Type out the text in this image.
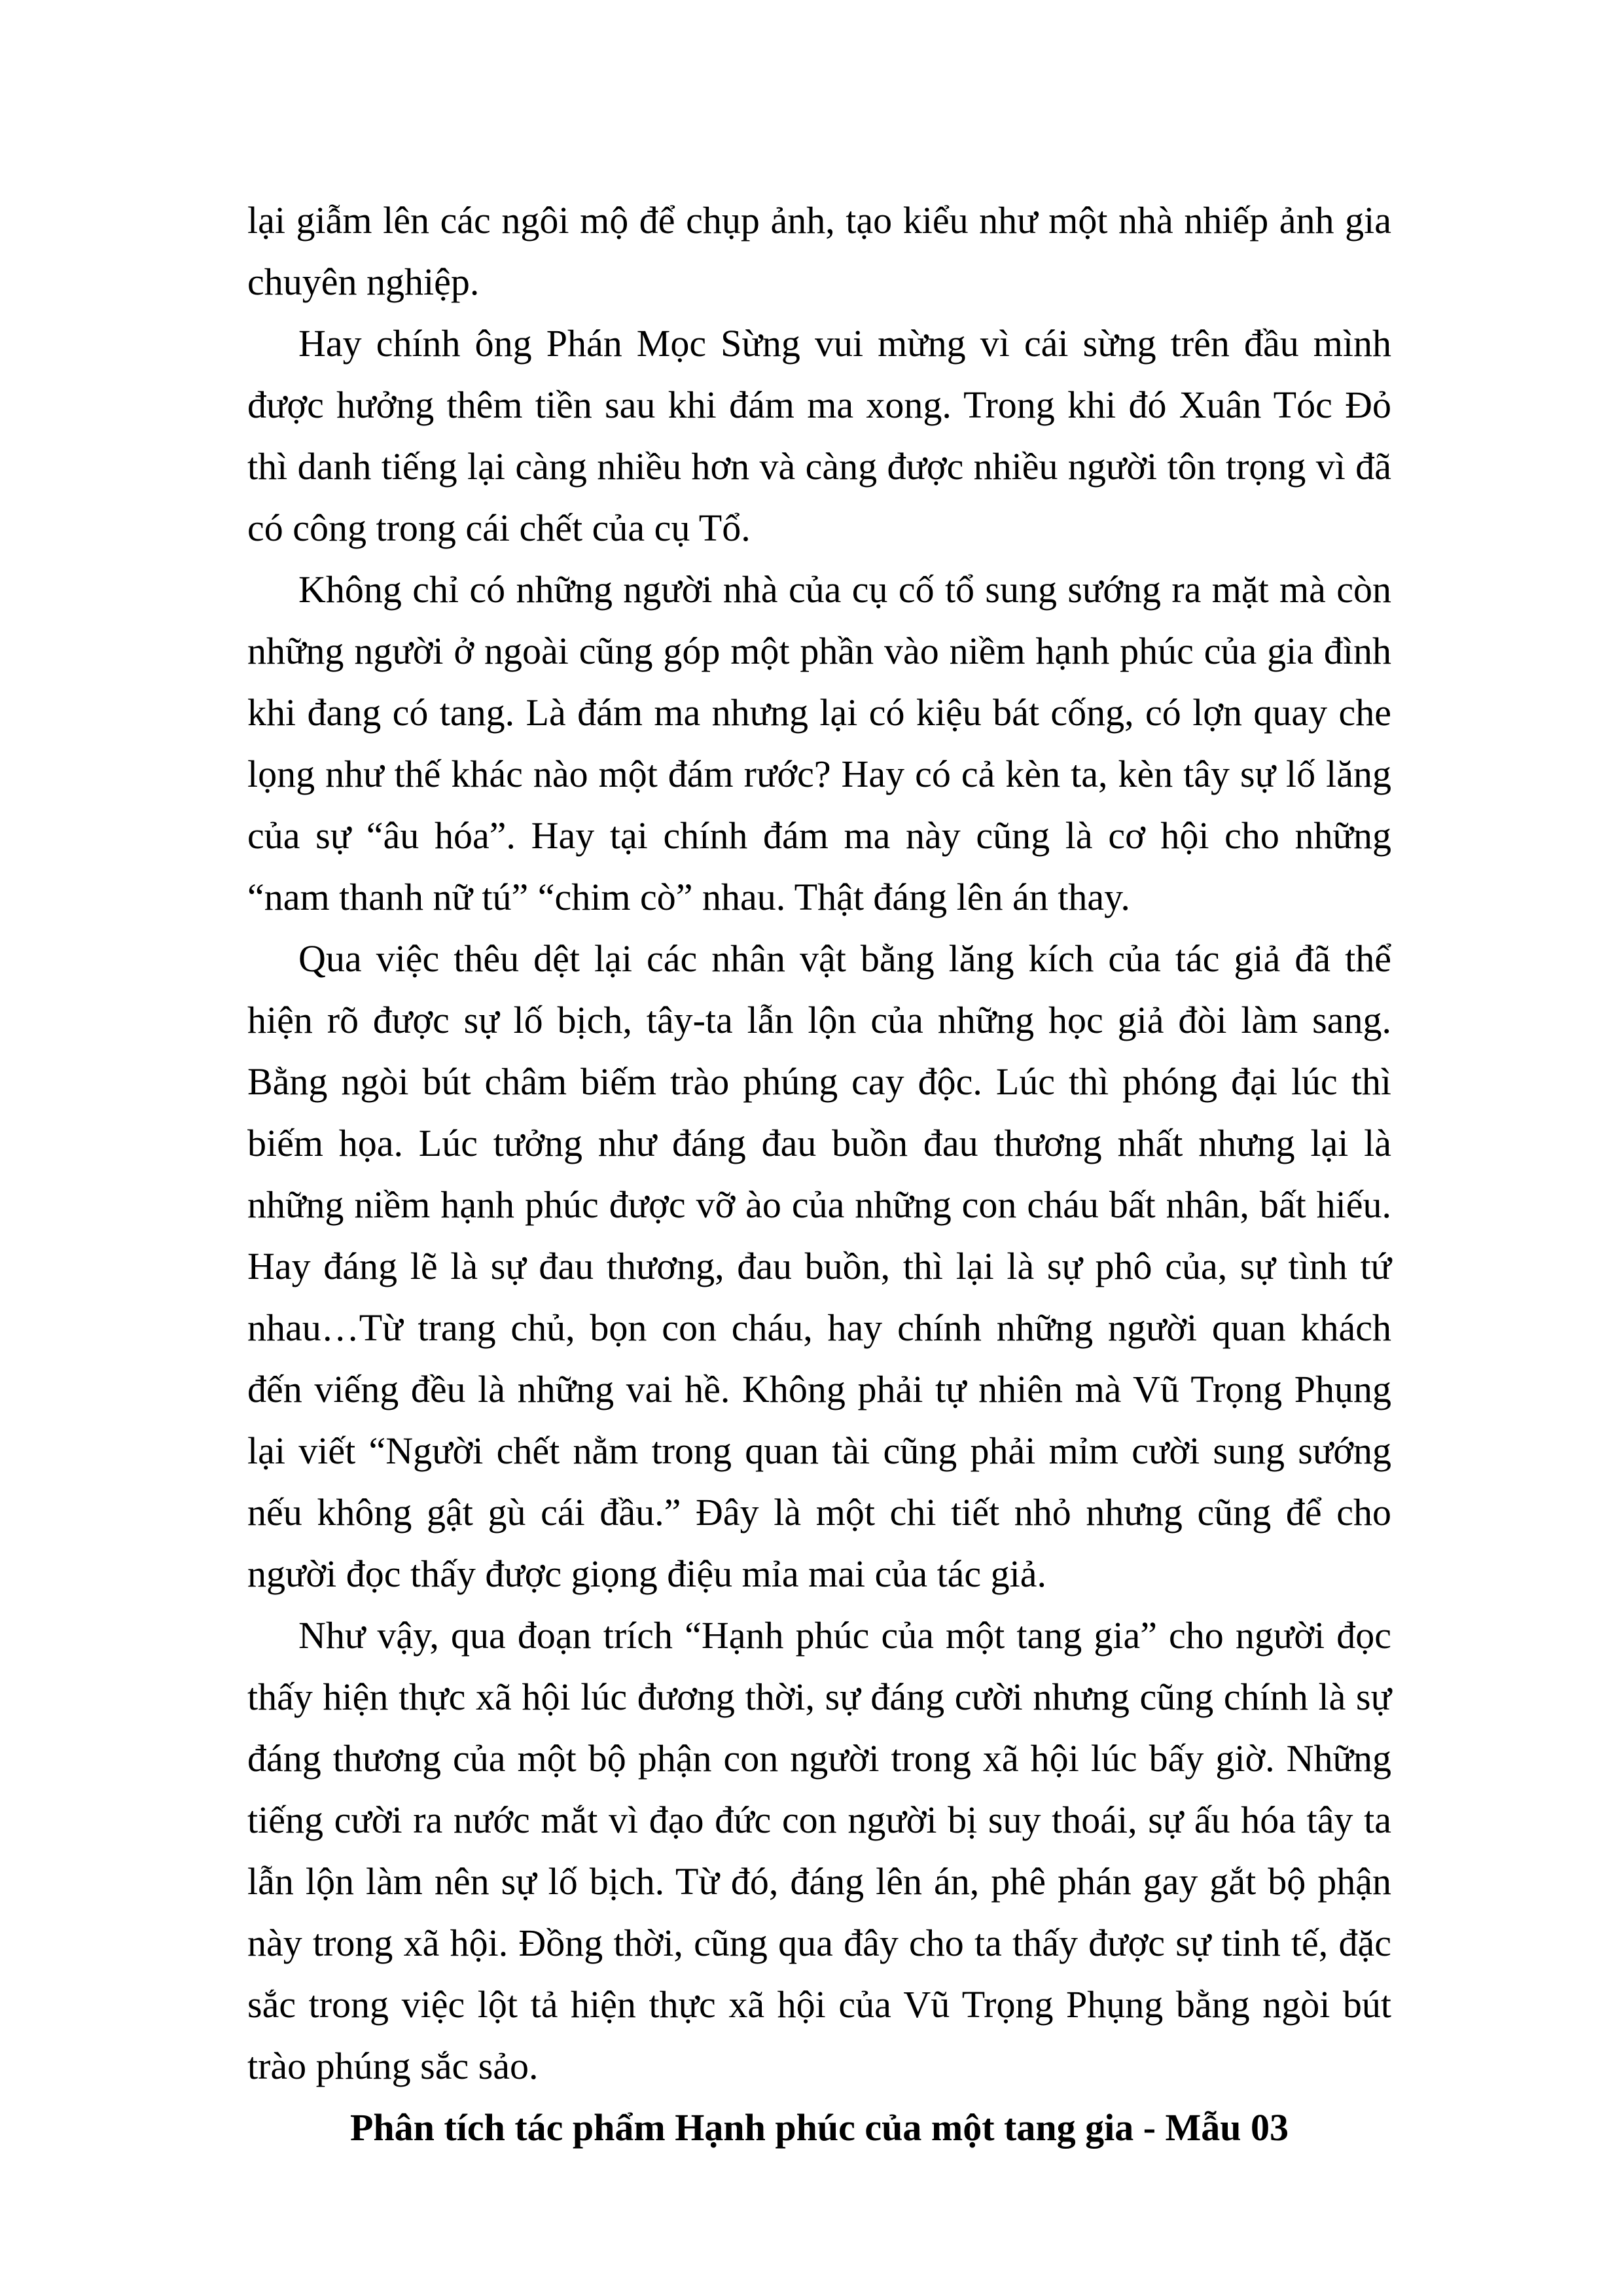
lại giẫm lên các ngôi mộ để chụp ảnh, tạo kiểu như một nhà nhiếp ảnh gia chuyên nghiệp.

Hay chính ông Phán Mọc Sừng vui mừng vì cái sừng trên đầu mình được hưởng thêm tiền sau khi đám ma xong. Trong khi đó Xuân Tóc Đỏ thì danh tiếng lại càng nhiều hơn và càng được nhiều người tôn trọng vì đã có công trong cái chết của cụ Tổ.

Không chỉ có những người nhà của cụ cố tổ sung sướng ra mặt mà còn những người ở ngoài cũng góp một phần vào niềm hạnh phúc của gia đình khi đang có tang. Là đám ma nhưng lại có kiệu bát cống, có lợn quay che lọng như thế khác nào một đám rước? Hay có cả kèn ta, kèn tây sự lố lăng của sự “âu hóa”. Hay tại chính đám ma này cũng là cơ hội cho những “nam thanh nữ tú” “chim cò” nhau. Thật đáng lên án thay.

Qua việc thêu dệt lại các nhân vật bằng lăng kích của tác giả đã thể hiện rõ được sự lố bịch, tây-ta lẫn lộn của những học giả đòi làm sang. Bằng ngòi bút châm biếm trào phúng cay độc. Lúc thì phóng đại lúc thì biếm họa. Lúc tưởng như đáng đau buồn đau thương nhất nhưng lại là những niềm hạnh phúc được vỡ ào của những con cháu bất nhân, bất hiếu. Hay đáng lẽ là sự đau thương, đau buồn, thì lại là sự phô của, sự tình tứ nhau…Từ trang chủ, bọn con cháu, hay chính những người quan khách đến viếng đều là những vai hề. Không phải tự nhiên mà Vũ Trọng Phụng lại viết “Người chết nằm trong quan tài cũng phải mỉm cười sung sướng nếu không gật gù cái đầu.” Đây là một chi tiết nhỏ nhưng cũng để cho người đọc thấy được giọng điệu mỉa mai của tác giả.

Như vậy, qua đoạn trích “Hạnh phúc của một tang gia” cho người đọc thấy hiện thực xã hội lúc đương thời, sự đáng cười nhưng cũng chính là sự đáng thương của một bộ phận con người trong xã hội lúc bấy giờ. Những tiếng cười ra nước mắt vì đạo đức con người bị suy thoái, sự ấu hóa tây ta lẫn lộn làm nên sự lố bịch. Từ đó, đáng lên án, phê phán gay gắt bộ phận này trong xã hội. Đồng thời, cũng qua đây cho ta thấy được sự tinh tế, đặc sắc trong việc lột tả hiện thực xã hội của Vũ Trọng Phụng bằng ngòi bút trào phúng sắc sảo.

Phân tích tác phẩm Hạnh phúc của một tang gia - Mẫu 03
